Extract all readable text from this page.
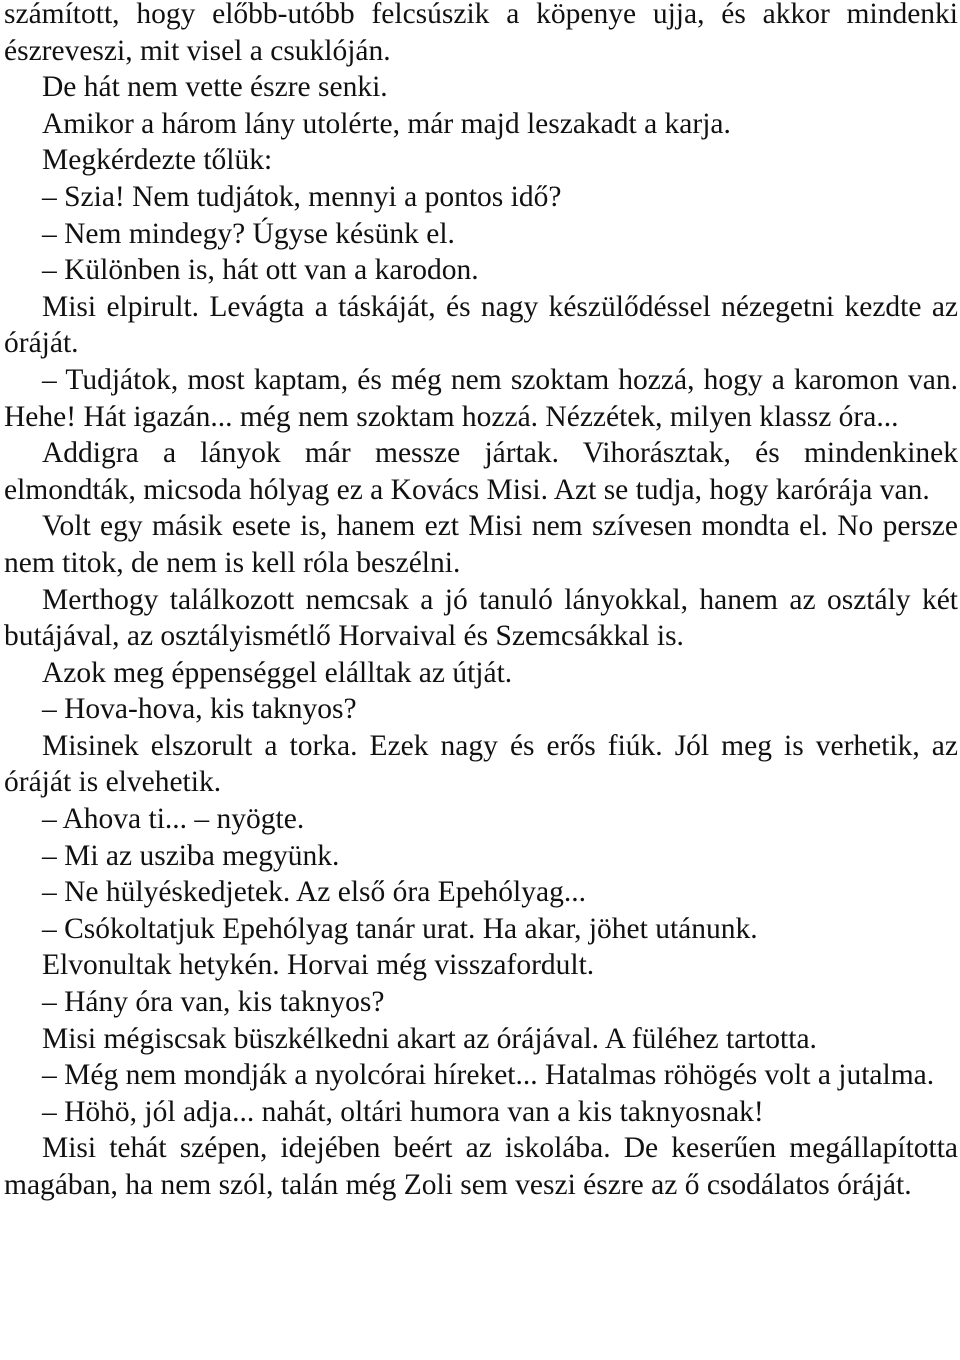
számított, hogy előbb-utóbb felcsúszik a köpenye ujja, és akkor mindenki észreveszi, mit visel a csuklóján.

De hát nem vette észre senki.

Amikor a három lány utolérte, már majd leszakadt a karja.

Megkérdezte tőlük:

– Szia! Nem tudjátok, mennyi a pontos idő?

– Nem mindegy? Úgyse késünk el.

– Különben is, hát ott van a karodon.

Misi elpirult. Levágta a táskáját, és nagy készülődéssel nézegetni kezdte az óráját.

– Tudjátok, most kaptam, és még nem szoktam hozzá, hogy a karomon van. Hehe! Hát igazán... még nem szoktam hozzá. Nézzétek, milyen klassz óra...

Addigra a lányok már messze jártak. Vihorásztak, és mindenkinek elmondták, micsoda hólyag ez a Kovács Misi. Azt se tudja, hogy karórája van.

Volt egy másik esete is, hanem ezt Misi nem szívesen mondta el. No persze nem titok, de nem is kell róla beszélni.

Merthogy találkozott nemcsak a jó tanuló lányokkal, hanem az osztály két butájával, az osztályismétlő Horvaival és Szemcsákkal is.

Azok meg éppenséggel elálltak az útját.

– Hova-hova, kis taknyos?

Misinek elszorult a torka. Ezek nagy és erős fiúk. Jól meg is verhetik, az óráját is elvehetik.

– Ahova ti... – nyögte.

– Mi az usziba megyünk.

– Ne hülyéskedjetek. Az első óra Epehólyag...

– Csókoltatjuk Epehólyag tanár urat. Ha akar, jöhet utánunk.

Elvonultak hetykén. Horvai még visszafordult.

– Hány óra van, kis taknyos?

Misi mégiscsak büszkélkedni akart az órájával. A füléhez tartotta.

– Még nem mondják a nyolcórai híreket... Hatalmas röhögés volt a jutalma.

– Höhö, jól adja... nahát, oltári humora van a kis taknyosnak!

Misi tehát szépen, idejében beért az iskolába. De keserűen megállapította magában, ha nem szól, talán még Zoli sem veszi észre az ő csodálatos óráját.
